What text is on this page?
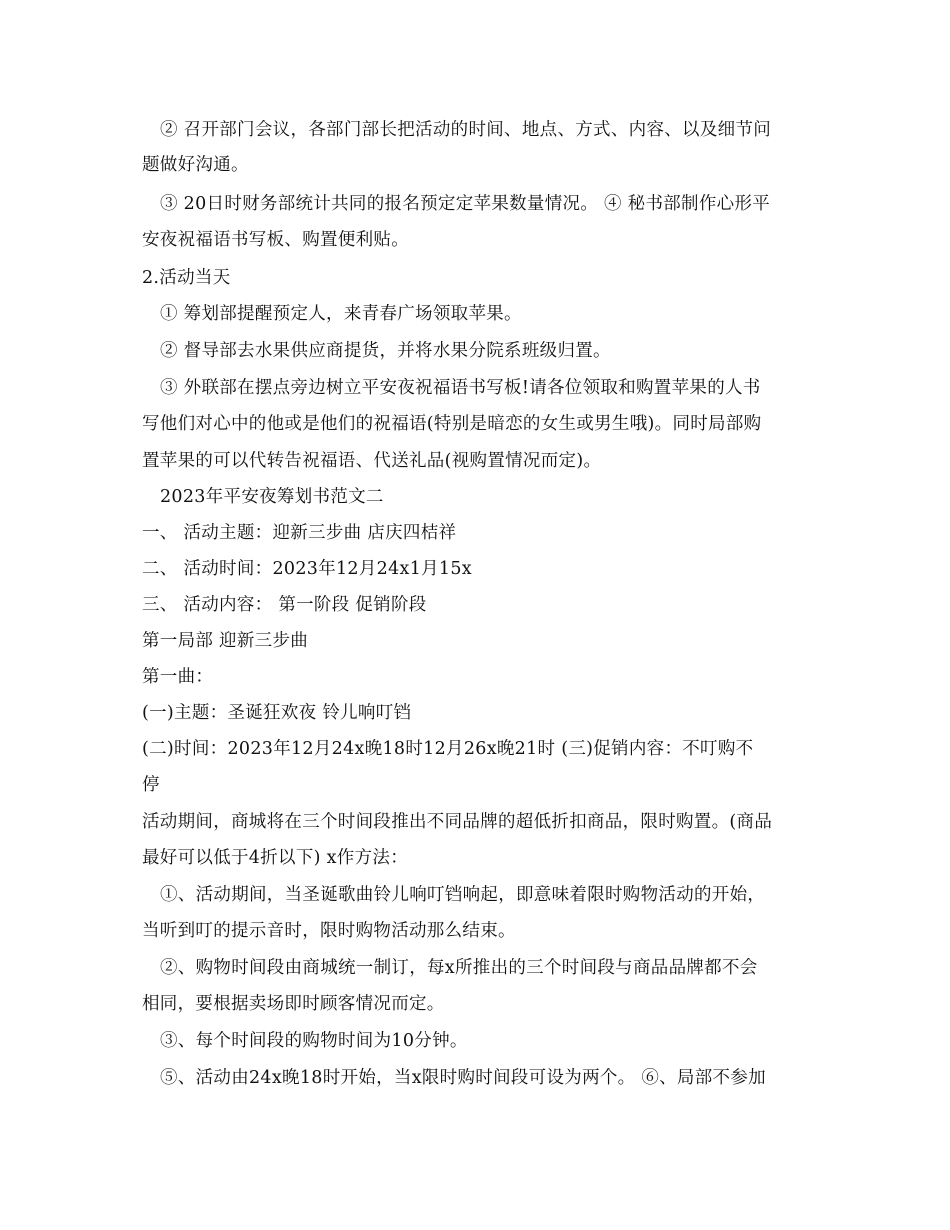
② 召开部门会议，各部门部长把活动的时间、地点、方式、内容、以及细节问
题做好沟通。
③ 20日时财务部统计共同的报名预定定苹果数量情况。 ④ 秘书部制作心形平
安夜祝福语书写板、购置便利贴。
2.活动当天
① 筹划部提醒预定人，来青春广场领取苹果。
② 督导部去水果供应商提货，并将水果分院系班级归置。
③ 外联部在摆点旁边树立平安夜祝福语书写板!请各位领取和购置苹果的人书
写他们对心中的他或是他们的祝福语(特别是暗恋的女生或男生哦)。同时局部购
置苹果的可以代转告祝福语、代送礼品(视购置情况而定)。
2023年平安夜筹划书范文二
一、 活动主题：迎新三步曲 店庆四桔祥
二、 活动时间：2023年12月24x1月15x
三、 活动内容： 第一阶段 促销阶段
第一局部 迎新三步曲
第一曲：
(一)主题：圣诞狂欢夜 铃儿响叮铛
(二)时间：2023年12月24x晚18时12月26x晚21时 (三)促销内容：不叮购不
停
活动期间，商城将在三个时间段推出不同品牌的超低折扣商品，限时购置。(商品
最好可以低于4折以下) x作方法：
①、活动期间，当圣诞歌曲铃儿响叮铛响起，即意味着限时购物活动的开始，
当听到叮的提示音时，限时购物活动那么结束。
②、购物时间段由商城统一制订，每x所推出的三个时间段与商品品牌都不会
相同，要根据卖场即时顾客情况而定。
③、每个时间段的购物时间为10分钟。
⑤、活动由24x晚18时开始，当x限时购时间段可设为两个。 ⑥、局部不参加
